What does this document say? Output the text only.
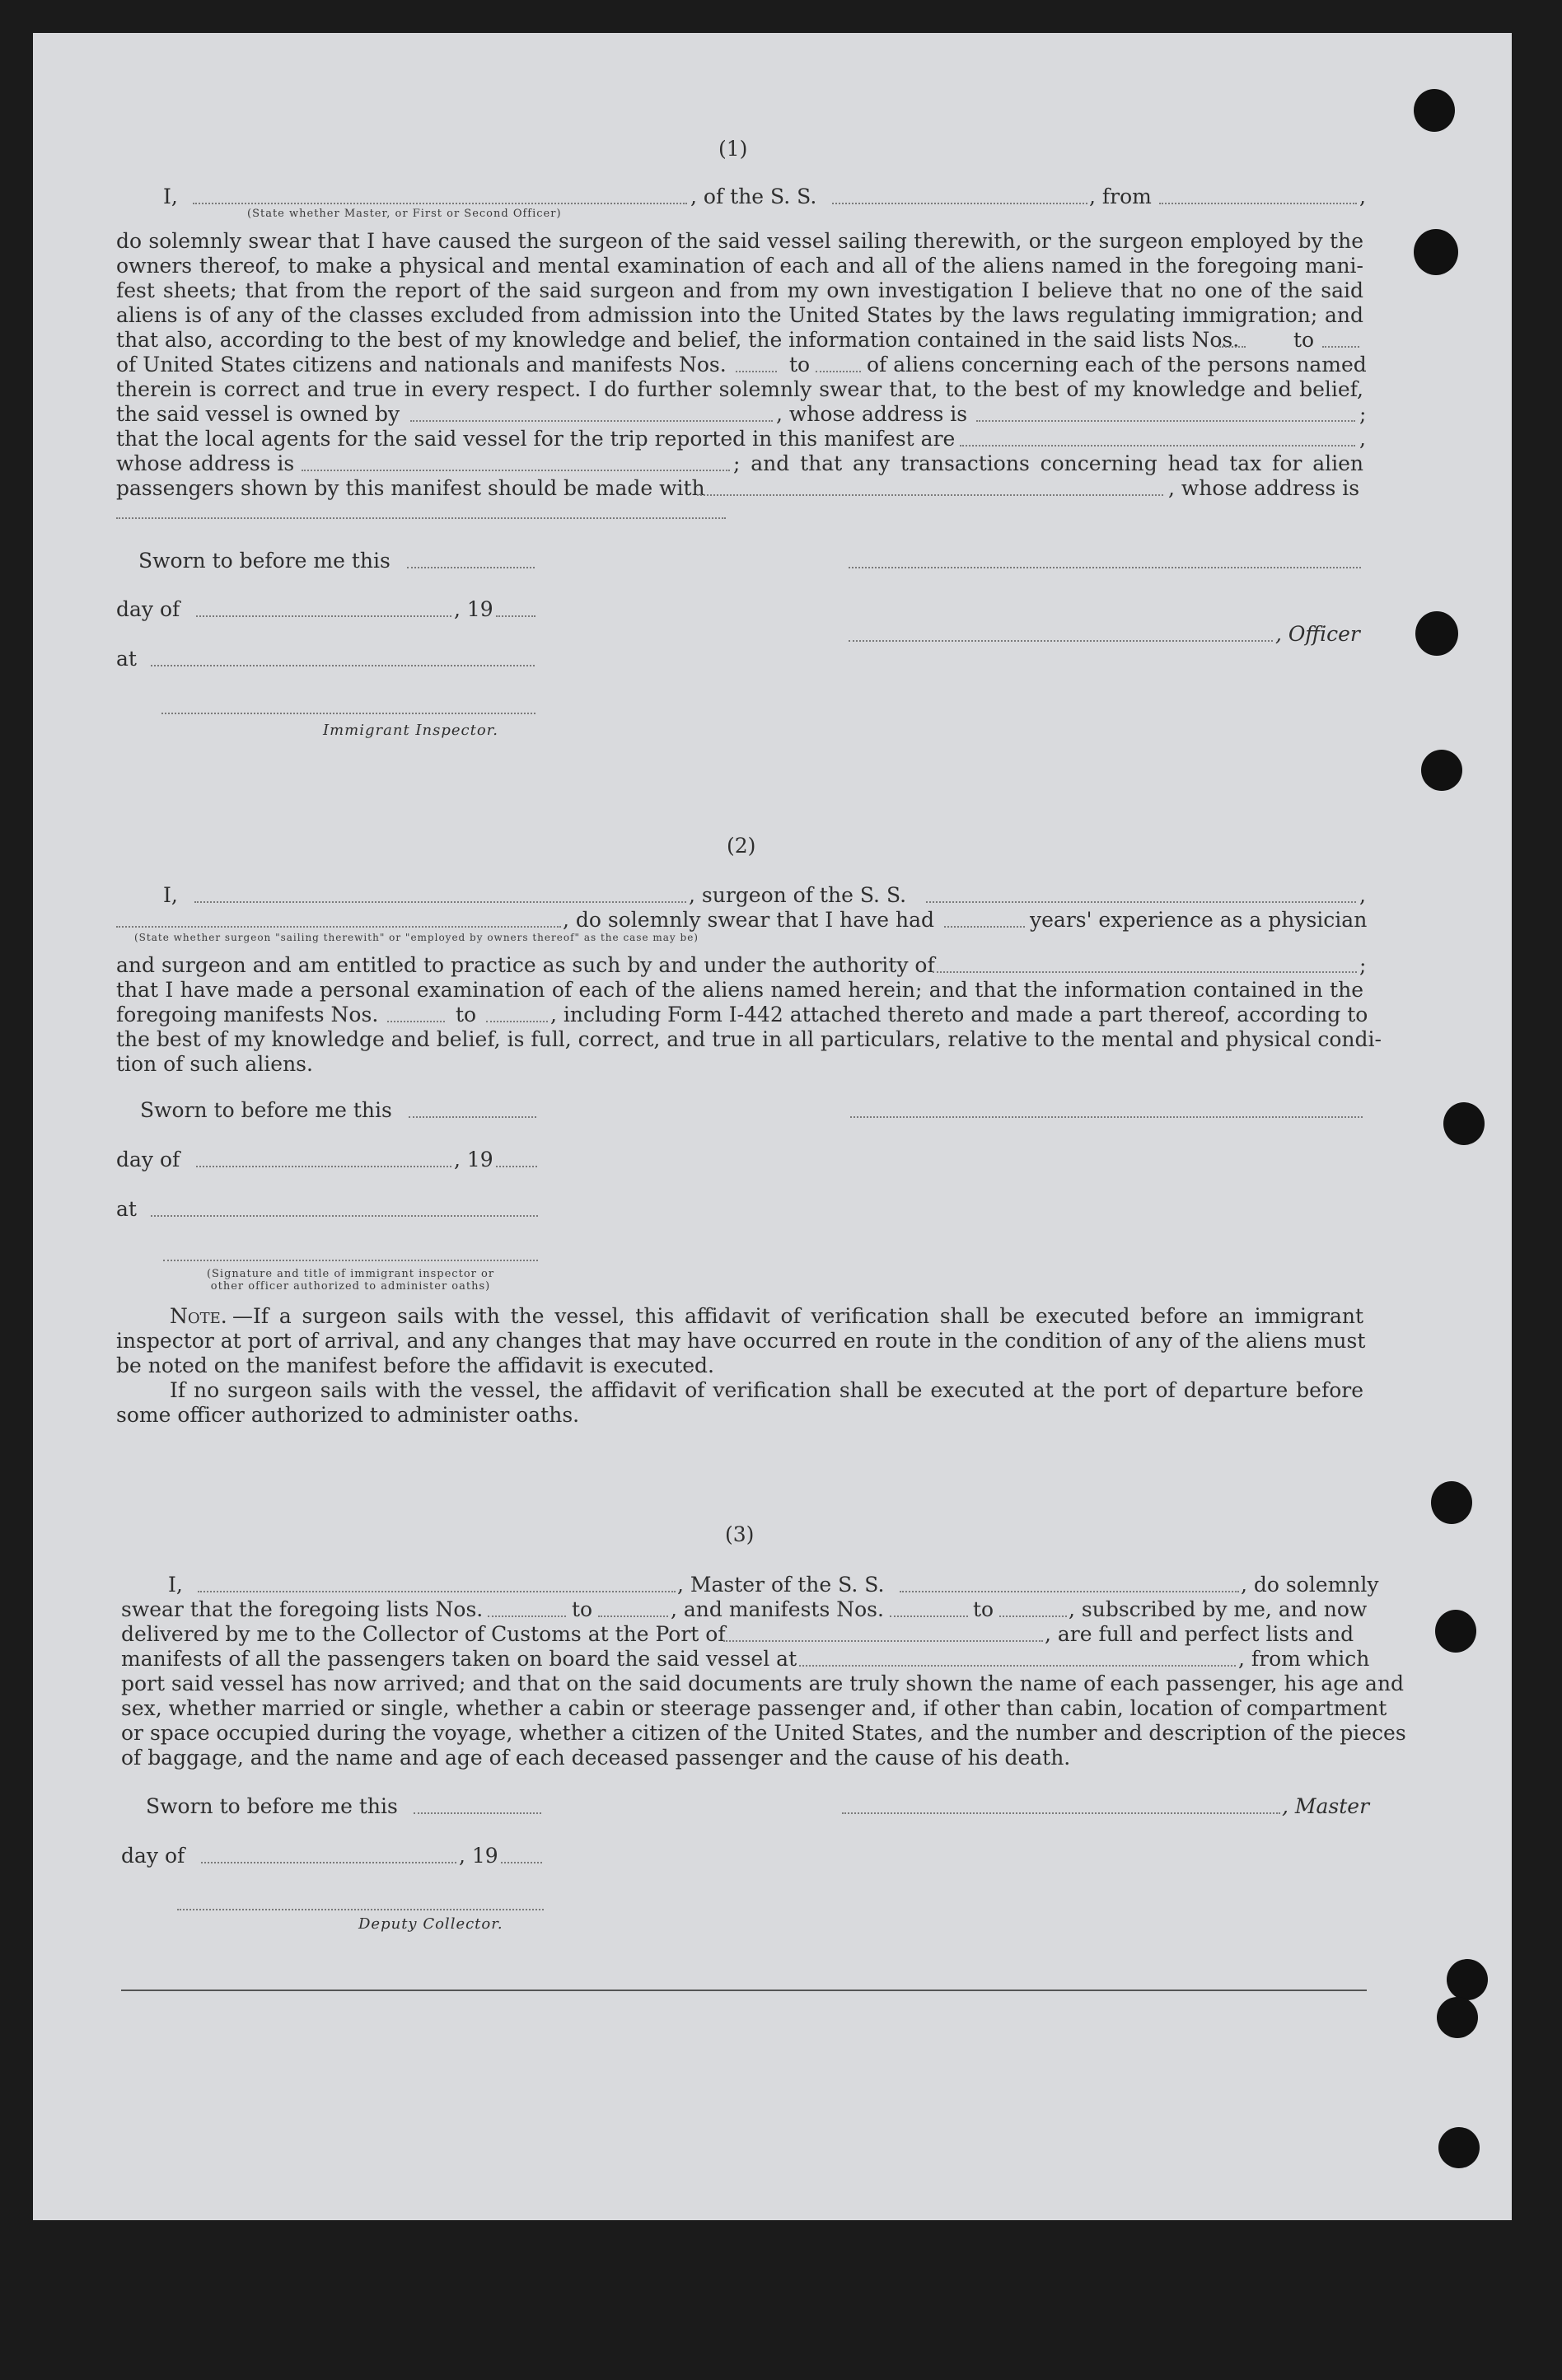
(1)
I,	, of the S. S.	, from	,
(State whether Master, or First or Second Officer)
do solemnly swear that I have caused the surgeon of the said vessel sailing therewith, or the surgeon employed by the
owners thereof, to make a physical and mental examination of each and all of the aliens named in the foregoing mani-
fest sheets; that from the report of the said surgeon and from my own investigation I believe that no one of the said
aliens is of any of the classes excluded from admission into the United States by the laws regulating immigration; and
that also, according to the best of my knowledge and belief, the information contained in the said lists Nos.	to
of United States citizens and nationals and manifests Nos.	to	of aliens concerning each of the persons named
therein is correct and true in every respect. I do further solemnly swear that, to the best of my knowledge and belief,
the said vessel is owned by	, whose address is	;
that the local agents for the said vessel for the trip reported in this manifest are	,
whose address is	; and that any transactions concerning head tax for alien
passengers shown by this manifest should be made with	, whose address is
Sworn to before me this
day of	, 19
, Officer
at
Immigrant Inspector.
(2)
I,	, surgeon of the S. S.	,
, do solemnly swear that I have had	years' experience as a physician
(State whether surgeon "sailing therewith" or "employed by owners thereof" as the case may be)
and surgeon and am entitled to practice as such by and under the authority of	;
that I have made a personal examination of each of the aliens named herein; and that the information contained in the
foregoing manifests Nos.	to	, including Form I-442 attached thereto and made a part thereof, according to
the best of my knowledge and belief, is full, correct, and true in all particulars, relative to the mental and physical condi-
tion of such aliens.
Sworn to before me this
day of	, 19
at
(Signature and title of immigrant inspector or
other officer authorized to administer oaths)
Note. —If a surgeon sails with the vessel, this affidavit of verification shall be executed before an immigrant
inspector at port of arrival, and any changes that may have occurred en route in the condition of any of the aliens must
be noted on the manifest before the affidavit is executed.
If no surgeon sails with the vessel, the affidavit of verification shall be executed at the port of departure before
some officer authorized to administer oaths.
(3)
I,	, Master of the S. S.	, do solemnly
swear that the foregoing lists Nos.	to	, and manifests Nos.	to	, subscribed by me, and now
delivered by me to the Collector of Customs at the Port of	, are full and perfect lists and
manifests of all the passengers taken on board the said vessel at	, from which
port said vessel has now arrived; and that on the said documents are truly shown the name of each passenger, his age and
sex, whether married or single, whether a cabin or steerage passenger and, if other than cabin, location of compartment
or space occupied during the voyage, whether a citizen of the United States, and the number and description of the pieces
of baggage, and the name and age of each deceased passenger and the cause of his death.
Sworn to before me this	, Master
day of	, 19
Deputy Collector.
